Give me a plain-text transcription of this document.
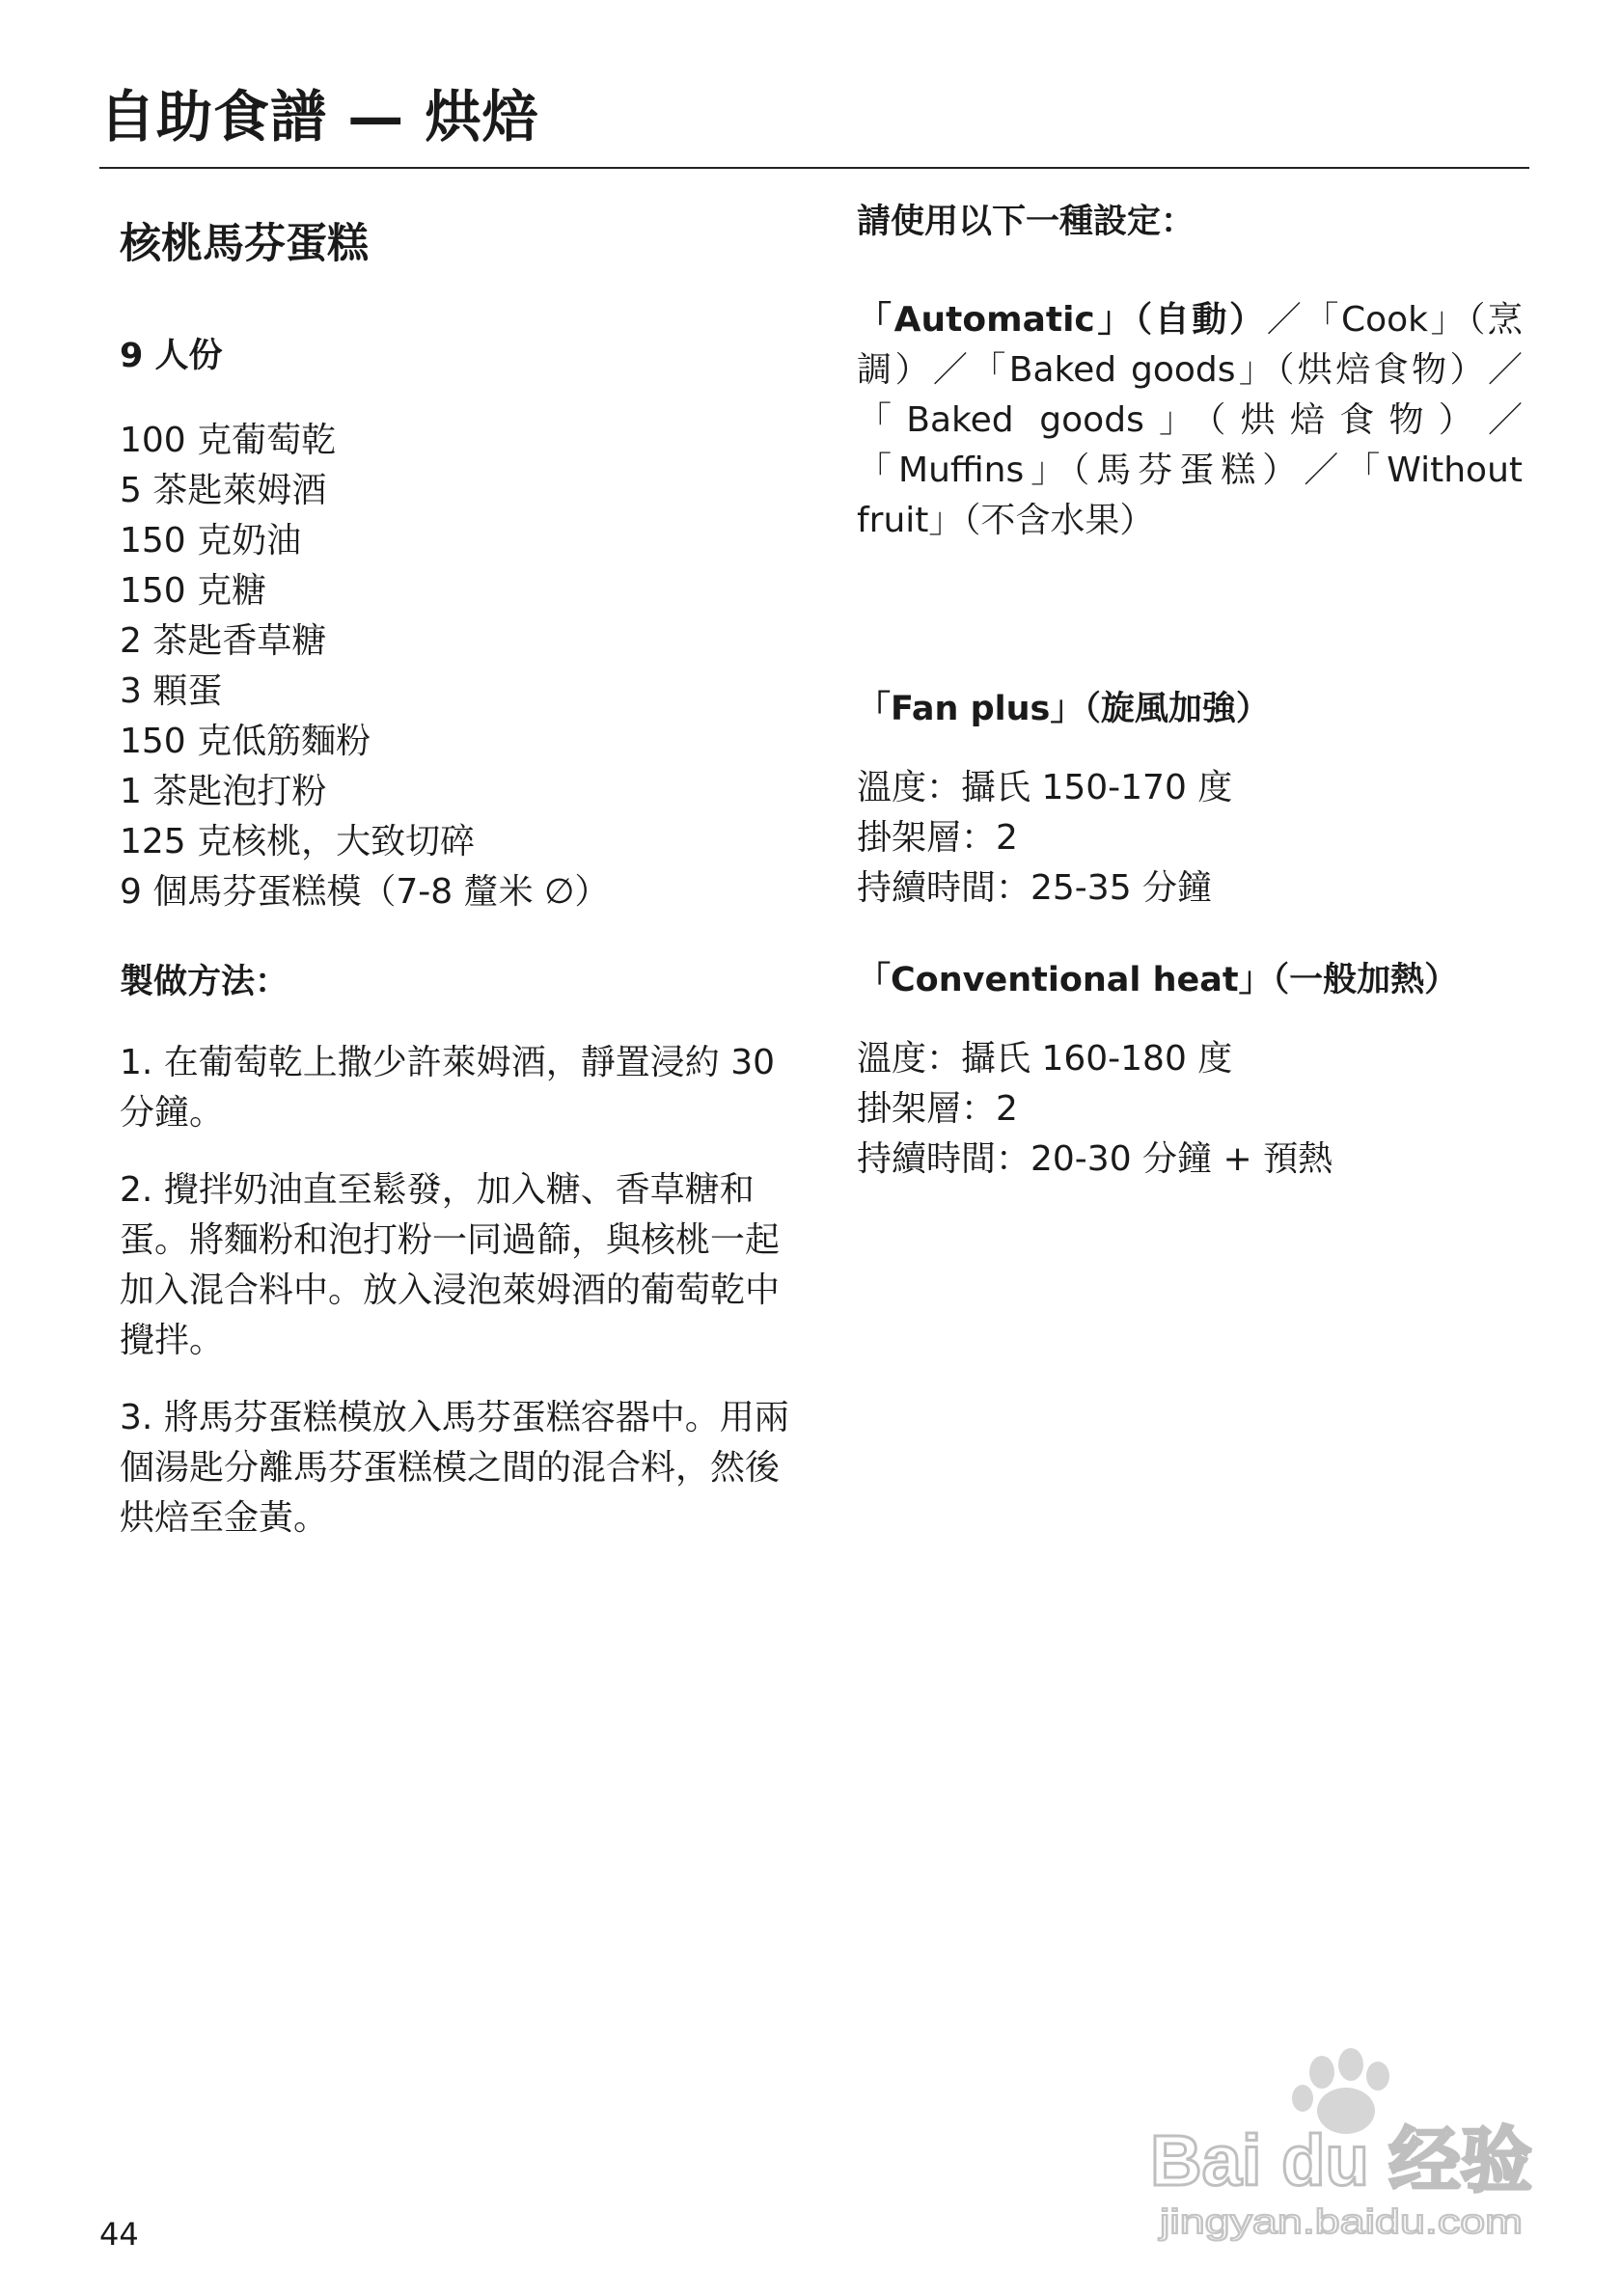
自助食譜 — 烘焙
核桃馬芬蛋糕
9 人份
100 克葡萄乾
5 茶匙萊姆酒
150 克奶油
150 克糖
2 茶匙香草糖
3 顆蛋
150 克低筋麵粉
1 茶匙泡打粉
125 克核桃，大致切碎
9 個馬芬蛋糕模（7-8 釐米 ∅）
製做方法：

1. 在葡萄乾上撒少許萊姆酒，靜置浸約 30 分鐘。

2. 攪拌奶油直至鬆發，加入糖、香草糖和蛋。將麵粉和泡打粉一同過篩，與核桃一起加入混合料中。放入浸泡萊姆酒的葡萄乾中攪拌。

3. 將馬芬蛋糕模放入馬芬蛋糕容器中。用兩個湯匙分離馬芬蛋糕模之間的混合料，然後烘焙至金黃。

請使用以下一種設定：
「Automatic」（自動）／「Cook」（烹調）／「Baked goods」（烘焙食物）／「Baked goods」（烘焙食物）／「Muffins」（馬芬蛋糕）／「Without fruit」（不含水果）
「Fan plus」（旋風加強）
溫度：攝氏 150-170 度
掛架層：2
持續時間：25-35 分鐘
「Conventional heat」（一般加熱）
溫度：攝氏 160-180 度
掛架層：2
持續時間：20-30 分鐘 + 預熱
44
Bai du 经验
jingyan.baidu.com
